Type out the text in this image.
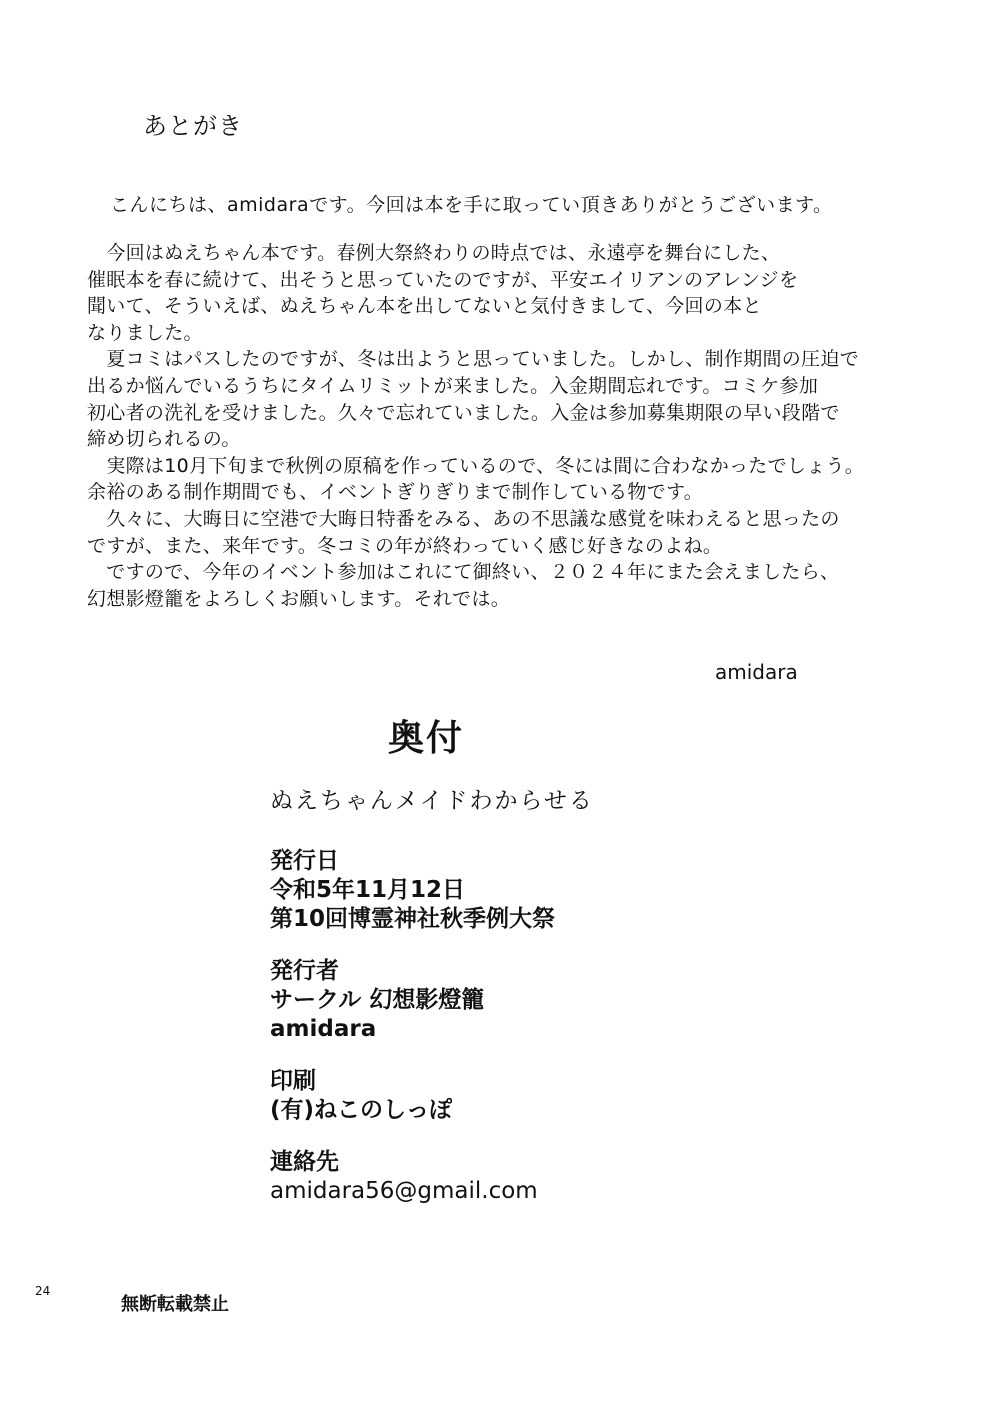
あとがき
こんにちは、amidaraです。今回は本を手に取ってい頂きありがとうございます。
　今回はぬえちゃん本です。春例大祭終わりの時点では、永遠亭を舞台にした、
催眠本を春に続けて、出そうと思っていたのですが、平安エイリアンのアレンジを
聞いて、そういえば、ぬえちゃん本を出してないと気付きまして、今回の本と
なりました。
　夏コミはパスしたのですが、冬は出ようと思っていました。しかし、制作期間の圧迫で
出るか悩んでいるうちにタイムリミットが来ました。入金期間忘れです。コミケ参加
初心者の洗礼を受けました。久々で忘れていました。入金は参加募集期限の早い段階で
締め切られるの。
　実際は10月下旬まで秋例の原稿を作っているので、冬には間に合わなかったでしょう。
余裕のある制作期間でも、イベントぎりぎりまで制作している物です。
　久々に、大晦日に空港で大晦日特番をみる、あの不思議な感覚を味わえると思ったの
ですが、また、来年です。冬コミの年が終わっていく感じ好きなのよね。
　ですので、今年のイベント参加はこれにて御終い、２０２４年にまた会えましたら、
幻想影燈籠をよろしくお願いします。それでは。
amidara
奥付
ぬえちゃんメイドわからせる
発行日
令和5年11月12日
第10回博霊神社秋季例大祭
発行者
サークル 幻想影燈籠
amidara
印刷
(有)ねこのしっぽ
連絡先
amidara56@gmail.com
24
無断転載禁止
